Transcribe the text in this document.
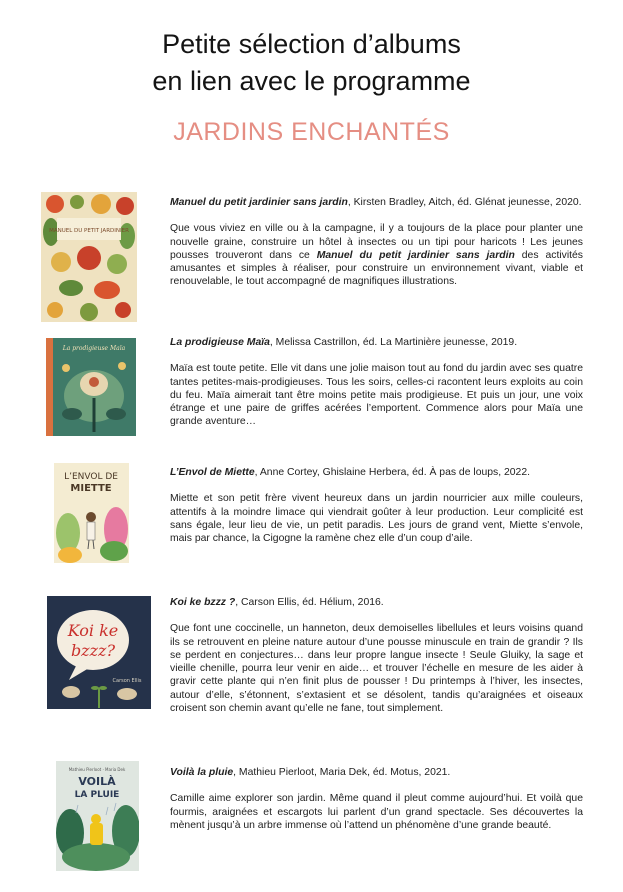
Petite sélection d’albums
en lien avec le programme
JARDINS ENCHANTÉS
MANUEL DU PETIT JARDINIER

Manuel du petit jardinier sans jardin, Kirsten Bradley, Aitch, éd. Glénat jeunesse, 2020.

Que vous viviez en ville ou à la campagne, il y a toujours de la place pour planter une nouvelle graine, construire un hôtel à insectes ou un tipi pour haricots ! Les jeunes pousses trouveront dans ce Manuel du petit jardinier sans jardin des activités amusantes et simples à réaliser, pour construire un environnement vivant, viable et renouvelable, le tout accompagné de magnifiques illustrations.

La prodigieuse Maïa

La prodigieuse Maïa, Melissa Castrillon, éd. La Martinière jeunesse, 2019.

Maïa est toute petite. Elle vit dans une jolie maison tout au fond du jardin avec ses quatre tantes petites-mais-prodigieuses. Tous les soirs, celles-ci racontent leurs exploits au coin du feu. Maïa aimerait tant être moins petite mais prodigieuse. Et puis un jour, une voix étrange et une paire de griffes acérées l’emportent. Commence alors pour Maïa une grande aventure…

L’ENVOL DE
MIETTE

L’Envol de Miette, Anne Cortey, Ghislaine Herbera, éd. À pas de loups, 2022.

Miette et son petit frère vivent heureux dans un jardin nourricier aux mille couleurs, attentifs à la moindre limace qui viendrait goûter à leur production. Leur complicité est sans égale, leur lieu de vie, un petit paradis. Les jours de grand vent, Miette s’envole, mais par chance, la Cigogne la ramène chez elle d’un coup d’aile.

Koi ke
bzzz?
Carson Ellis

Koi ke bzzz ?, Carson Ellis, éd. Hélium, 2016.

Que font une coccinelle, un hanneton, deux demoiselles libellules et leurs voisins quand ils se retrouvent en pleine nature autour d’une pousse minuscule en train de grandir ? Ils se perdent en conjectures… dans leur propre langue insecte ! Seule Gluiky, la sage et vieille chenille, pourra leur venir en aide… et trouver l’échelle en mesure de les aider à gravir cette plante qui n’en finit plus de pousser ! Du printemps à l’hiver, les insectes, autour d’elle, s’étonnent, s’extasient et se désolent, tandis qu’araignées et oiseaux croisent son chemin avant qu’elle ne fane, tout simplement.

Mathieu Pierloot · Maria Dek
VOILÀ
LA PLUIE

Voilà la pluie, Mathieu Pierloot, Maria Dek, éd. Motus, 2021.

Camille aime explorer son jardin. Même quand il pleut comme aujourd’hui. Et voilà que fourmis, araignées et escargots lui parlent d’un grand spectacle. Ses découvertes la mènent jusqu’à un arbre immense où l’attend un phénomène d’une grande beauté.
